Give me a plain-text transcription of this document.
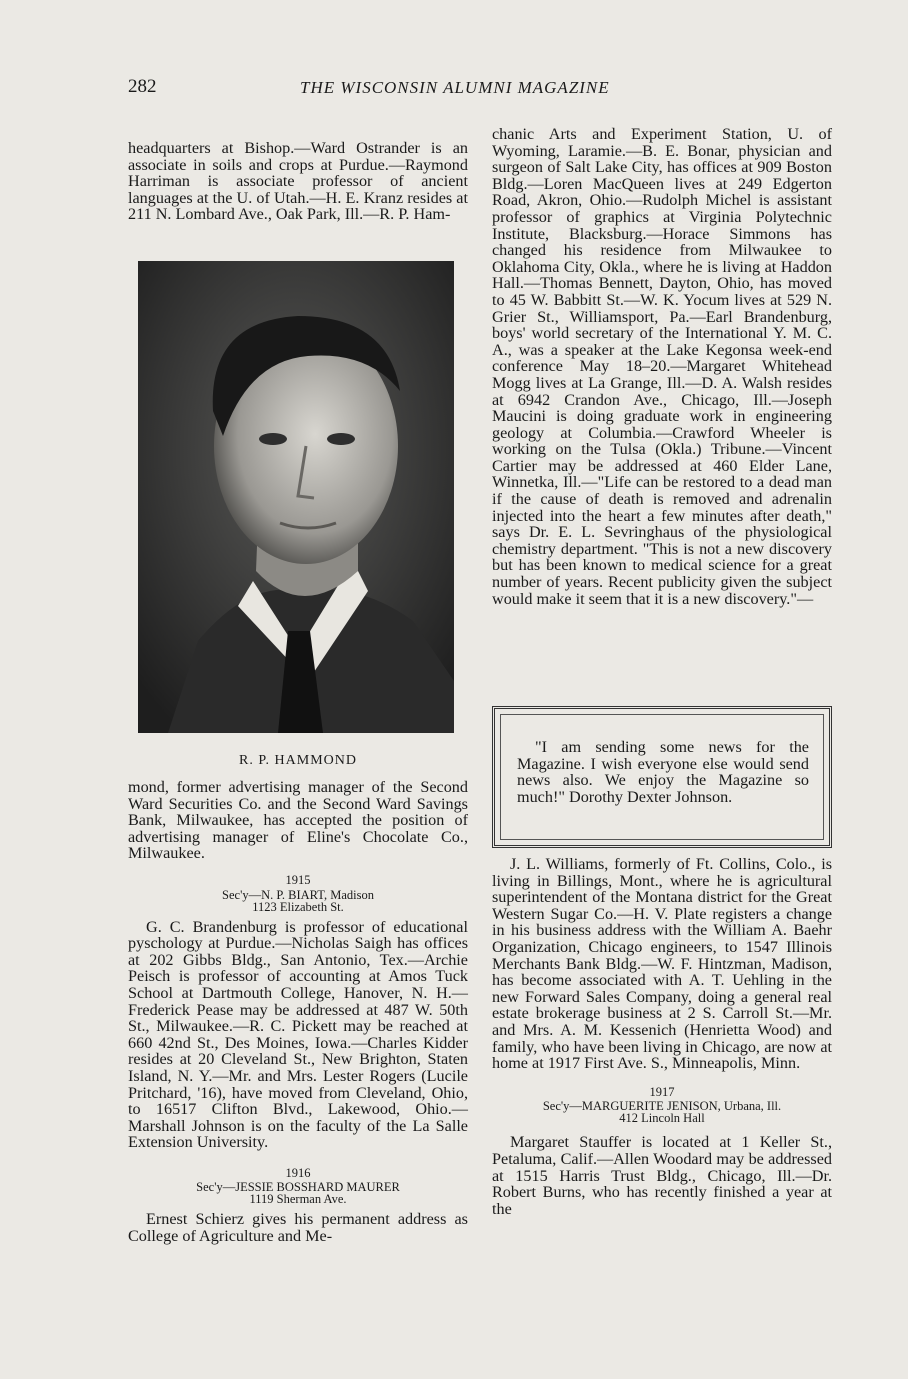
282	THE WISCONSIN ALUMNI MAGAZINE

headquarters at Bishop.—Ward Ostrander is an associate in soils and crops at Purdue.—Raymond Harriman is associate professor of ancient languages at the U. of Utah.—H. E. Kranz resides at 211 N. Lombard Ave., Oak Park, Ill.—R. P. Ham-

R. P. HAMMOND

mond, former advertising manager of the Second Ward Securities Co. and the Second Ward Savings Bank, Milwaukee, has accepted the position of advertising manager of Eline's Chocolate Co., Milwaukee.

1915
Sec'y—N. P. BIART, Madison
1123 Elizabeth St.

G. C. Brandenburg is professor of educational pyschology at Purdue.—Nicholas Saigh has offices at 202 Gibbs Bldg., San Antonio, Tex.—Archie Peisch is professor of accounting at Amos Tuck School at Dartmouth College, Hanover, N. H.—Frederick Pease may be addressed at 487 W. 50th St., Milwaukee.—R. C. Pickett may be reached at 660 42nd St., Des Moines, Iowa.—Charles Kidder resides at 20 Cleveland St., New Brighton, Staten Island, N. Y.—Mr. and Mrs. Lester Rogers (Lucile Pritchard, '16), have moved from Cleveland, Ohio, to 16517 Clifton Blvd., Lakewood, Ohio.—Marshall Johnson is on the faculty of the La Salle Extension University.

1916
Sec'y—JESSIE BOSSHARD MAURER
1119 Sherman Ave.

Ernest Schierz gives his permanent address as College of Agriculture and Me-

chanic Arts and Experiment Station, U. of Wyoming, Laramie.—B. E. Bonar, physician and surgeon of Salt Lake City, has offices at 909 Boston Bldg.—Loren MacQueen lives at 249 Edgerton Road, Akron, Ohio.—Rudolph Michel is assistant professor of graphics at Virginia Polytechnic Institute, Blacksburg.—Horace Simmons has changed his residence from Milwaukee to Oklahoma City, Okla., where he is living at Haddon Hall.—Thomas Bennett, Dayton, Ohio, has moved to 45 W. Babbitt St.—W. K. Yocum lives at 529 N. Grier St., Williamsport, Pa.—Earl Brandenburg, boys' world secretary of the International Y. M. C. A., was a speaker at the Lake Kegonsa week-end conference May 18–20.—Margaret Whitehead Mogg lives at La Grange, Ill.—D. A. Walsh resides at 6942 Crandon Ave., Chicago, Ill.—Joseph Maucini is doing graduate work in engineering geology at Columbia.—Crawford Wheeler is working on the Tulsa (Okla.) Tribune.—Vincent Cartier may be addressed at 460 Elder Lane, Winnetka, Ill.—"Life can be restored to a dead man if the cause of death is removed and adrenalin injected into the heart a few minutes after death," says Dr. E. L. Sevringhaus of the physiological chemistry department. "This is not a new discovery but has been known to medical science for a great number of years. Recent publicity given the subject would make it seem that it is a new discovery."—

"I am sending some news for the Magazine. I wish everyone else would send news also. We enjoy the Magazine so much!" Dorothy Dexter Johnson.

J. L. Williams, formerly of Ft. Collins, Colo., is living in Billings, Mont., where he is agricultural superintendent of the Montana district for the Great Western Sugar Co.—H. V. Plate registers a change in his business address with the William A. Baehr Organization, Chicago engineers, to 1547 Illinois Merchants Bank Bldg.—W. F. Hintzman, Madison, has become associated with A. T. Uehling in the new Forward Sales Company, doing a general real estate brokerage business at 2 S. Carroll St.—Mr. and Mrs. A. M. Kessenich (Henrietta Wood) and family, who have been living in Chicago, are now at home at 1917 First Ave. S., Minneapolis, Minn.

1917
Sec'y—MARGUERITE JENISON, Urbana, Ill.
412 Lincoln Hall

Margaret Stauffer is located at 1 Keller St., Petaluma, Calif.—Allen Woodard may be addressed at 1515 Harris Trust Bldg., Chicago, Ill.—Dr. Robert Burns, who has recently finished a year at the
